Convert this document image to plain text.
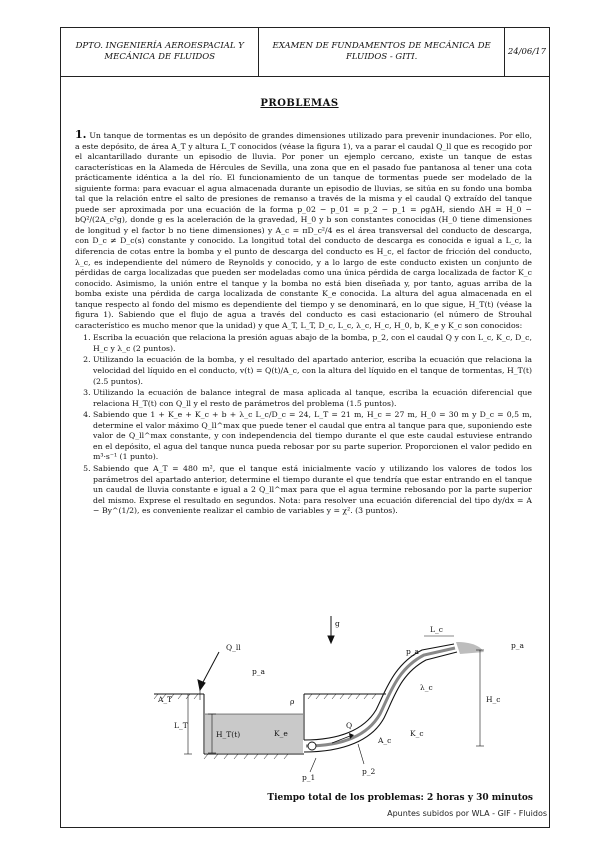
DPTO. INGENIERÍA AEROESPACIAL Y MECÁNICA DE FLUIDOS
EXAMEN DE FUNDAMENTOS DE MECÁNICA DE FLUIDOS - GITI.
24/06/17
PROBLEMAS

1. Un tanque de tormentas es un depósito de grandes dimensiones utilizado para prevenir inundaciones. Por ello, a este depósito, de área A_T y altura L_T conocidos (véase la figura 1), va a parar el caudal Q_ll que es recogido por el alcantarillado durante un episodio de lluvia. Por poner un ejemplo cercano, existe un tanque de estas características en la Alameda de Hércules de Sevilla, una zona que en el pasado fue pantanosa al tener una cota prácticamente idéntica a la del río. El funcionamiento de un tanque de tormentas puede ser modelado de la siguiente forma: para evacuar el agua almacenada durante un episodio de lluvias, se sitúa en su fondo una bomba tal que la relación entre el salto de presiones de remanso a través de la misma y el caudal Q extraído del tanque puede ser aproximada por una ecuación de la forma p_02 − p_01 = p_2 − p_1 = ρgΔH, siendo ΔH = H_0 − bQ²/(2A_c²g), donde g es la aceleración de la gravedad, H_0 y b son constantes conocidas (H_0 tiene dimensiones de longitud y el factor b no tiene dimensiones) y A_c = πD_c²/4 es el área transversal del conducto de descarga, con D_c ≠ D_c(s) constante y conocido. La longitud total del conducto de descarga es conocida e igual a L_c, la diferencia de cotas entre la bomba y el punto de descarga del conducto es H_c, el factor de fricción del conducto, λ_c, es independiente del número de Reynolds y conocido, y a lo largo de este conducto existen un conjunto de pérdidas de carga localizadas que pueden ser modeladas como una única pérdida de carga localizada de factor K_c conocido. Asimismo, la unión entre el tanque y la bomba no está bien diseñada y, por tanto, aguas arriba de la bomba existe una pérdida de carga localizada de constante K_e conocida. La altura del agua almacenada en el tanque respecto al fondo del mismo es dependiente del tiempo y se denominará, en lo que sigue, H_T(t) (véase la figura 1). Sabiendo que el flujo de agua a través del conducto es casi estacionario (el número de Strouhal característico es mucho menor que la unidad) y que A_T, L_T, D_c, L_c, λ_c, H_c, H_0, b, K_e y K_c son conocidos:

1. Escriba la ecuación que relaciona la presión aguas abajo de la bomba, p_2, con el caudal Q y con L_c, K_c, D_c, H_c y λ_c (2 puntos).
2. Utilizando la ecuación de la bomba, y el resultado del apartado anterior, escriba la ecuación que relaciona la velocidad del líquido en el conducto, v(t) = Q(t)/A_c, con la altura del líquido en el tanque de tormentas, H_T(t) (2.5 puntos).
3. Utilizando la ecuación de balance integral de masa aplicada al tanque, escriba la ecuación diferencial que relaciona H_T(t) con Q_ll y el resto de parámetros del problema (1.5 puntos).
4. Sabiendo que 1 + K_e + K_c + b + λ_c L_c/D_c = 24, L_T = 21 m, H_c = 27 m, H_0 = 30 m y D_c = 0,5 m, determine el valor máximo Q_ll^max que puede tener el caudal que entra al tanque para que, suponiendo este valor de Q_ll^max constante, y con independencia del tiempo durante el que este caudal estuviese entrando en el depósito, el agua del tanque nunca pueda rebosar por su parte superior. Proporcionen el valor pedido en m³·s⁻¹ (1 punto).
5. Sabiendo que A_T = 480 m², que el tanque está inicialmente vacío y utilizando los valores de todos los parámetros del apartado anterior, determine el tiempo durante el que tendría que estar entrando en el tanque un caudal de lluvia constante e igual a 2 Q_ll^max para que el agua termine rebosando por la parte superior del mismo. Exprese el resultado en segundos. Nota: para resolver una ecuación diferencial del tipo dy/dx = A − By^(1/2), es conveniente realizar el cambio de variables y = χ². (3 puntos).
g
Q_ll
p_a
p_a
p_a
L_c
A_T
L_T
H_T(t)
ρ
K_e
Q
λ_c
A_c
K_c
H_c
p_1
p_2
Tiempo total de los problemas: 2 horas y 30 minutos
Apuntes subidos por WLA - GIF - Fluidos
